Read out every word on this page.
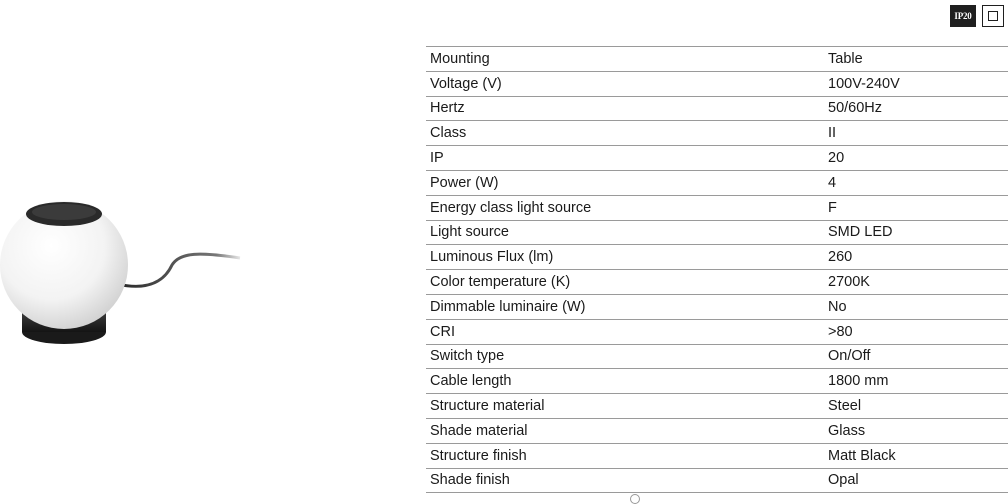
IP20
Mounting	Table
Voltage (V)	100V-240V
Hertz	50/60Hz
Class	II
IP	20
Power (W)	4
Energy class light source	F
Light source	SMD LED
Luminous Flux (lm)	260
Color temperature (K)	2700K
Dimmable luminaire (W)	No
CRI	>80
Switch type	On/Off
Cable length	1800 mm
Structure material	Steel
Shade material	Glass
Structure finish	Matt Black
Shade finish	Opal
